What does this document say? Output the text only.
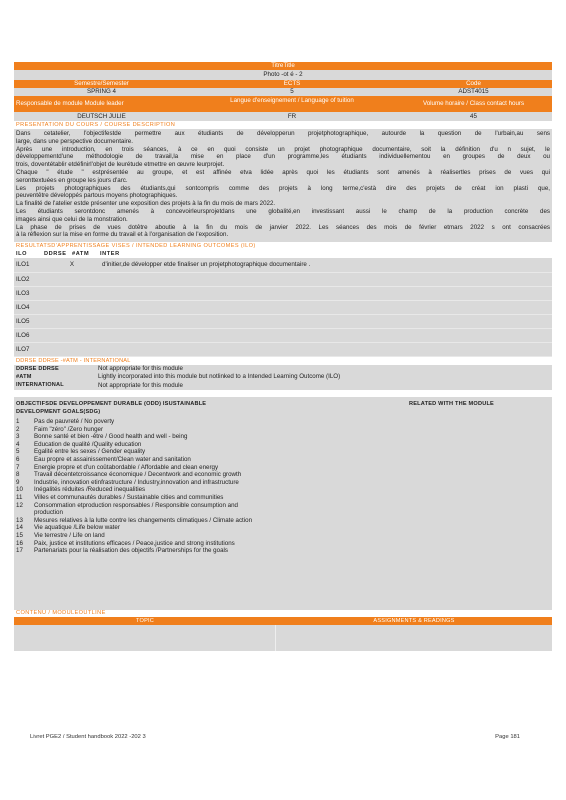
TitreTitle
Photo -ot é - 2
Semestre/Semester	ECTS	Code
SPRING 4	5	ADST4015
Responsable de module Module leader	Langue d'enseignement / Language of tuition	Volume horaire / Class contact hours
DEUTSCH JULIE	FR	45
PRESENTATION DU COURS / COURSE DESCRIPTION

Dans cetatelier, l'objectifestde permettre aux étudiants de développerun projetphotographique, autourde la question de l'urbain,au sens

large, dans une perspective documentaire.

Après une introduction, en trois séances, à ce en quoi consiste un projet photographique documentaire, soit la définition d'u n sujet, le

développementd'une méthodologie de travail,la mise en place d'un programme,les étudiants individuellementou en groupes de deux ou

trois, doventétablir etdéfinirl'objet de leurétude etmettre en œuvre leurprojet.

Chaque " étude " estprésentée au groupe, et est affinée etva lidée après quoi les étudiants sont amenés à réalisertles prises de vues qui

seronttextuées en groupe les jours d'arc.

Les projets photographiques des étudiants,qui sontcompris comme des projets à long terme,c'està dire des projets de créat ion plasti que,

peuventêtre développés partous moyens photographiques.

La finalité de l'atelier estde présenter une exposition des projets à la fin du mois de mars 2022.

Les étudiants serontdonc amenés à concevoirleursprojetdans une globalité,en investissant aussi le champ de la production concrète des

images ainsi que celui de la monstration.

La phase de prises de vues dotêtre aboutie à la fin du mois de janvier 2022. Les séances des mois de février etmars 2022 s ont consacrées

à la réflexion sur la mise en forme du travail et à l'organisation de l'exposition.

RESULTATSD'APPRENTISSAGE VISES / INTENDED LEARNING OUTCOMES (ILO)
ILO	DDRSE #ATM	INTER
ILO1	X	d'initier,de développer etde finaliser un projetphotographique documentaire .
ILO2
ILO3
ILO4
ILO5
ILO6
ILO7
DDRSE DDRSE -#ATM - INTERNATIONAL
DDRSE DDRSE	Not appropriate for this module
#ATM	Lightly incorporated into this module but notlinked to a Intended Learning Outcome (ILO)
INTERNATIONAL	Not appropriate for this module
OBJECTIFSDE DEVELOPPEMENT DURABLE (ODD) ISUSTAINABLE
DEVELOPMENT GOALS(SDG)
RELATED WITH THE MODULE
1	Pas de pauvreté / No poverty
2	Faim "zéro" /Zero hunger
3	Bonne santé et bien -être / Good health and well - being
4	Education de qualité /Quality education
5	Egalité entre les sexes / Gender equality
6	Eau propre et assainissement/Clean water and sanitation
7	Energie propre et d'un coûtabordable / Affordable and clean energy
8	Travail décentetcroissance économique / Decentwork and economic growth
9	Industrie, innovation etinfrastructure / Industry,innovation and infrastructure
10	Inégalités réduites /Reduced inequalities
11	Villes et communautés durables / Sustainable cities and communities
12	Consommation etproduction responsables / Responsible consumption and
production
13	Mesures relatives à la lutte contre les changements climatiques / Climate action
14	Vie aquatique /Life below water
15	Vie terrestre / Life on land
16	Paix, justice et institutions efficaces / Peace,justice and strong institutions
17	Partenariats pour la réalisation des objectifs /Partnerships for the goals
CONTENU / MODULEOUTLINE
TOPIC	ASSIGNMENTS & READINGS
Livret PGE2 / Student handbook 2022 -202 3	Page 181
